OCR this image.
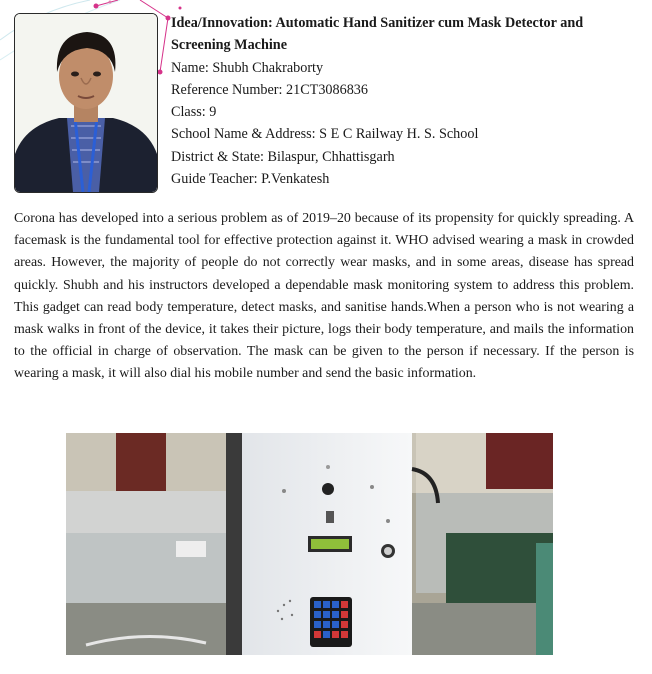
Idea/Innovation: Automatic Hand Sanitizer cum Mask Detector and Screening Machine
Name: Shubh Chakraborty
Reference Number: 21CT3086836
Class: 9
School Name & Address: S E C Railway H. S. School
District & State: Bilaspur, Chhattisgarh
Guide Teacher: P.Venkatesh
Corona has developed into a serious problem as of 2019–20 because of its propensity for quickly spreading. A facemask is the fundamental tool for effective protection against it. WHO advised wearing a mask in crowded areas. However, the majority of people do not correctly wear masks, and in some areas, disease has spread quickly. Shubh and his instructors developed a dependable mask monitoring system to address this problem. This gadget can read body temperature, detect masks, and sanitise hands.When a person who is not wearing a mask walks in front of the device, it takes their picture, logs their body temperature, and mails the information to the official in charge of observation. The mask can be given to the person if necessary. If the person is wearing a mask, it will also dial his mobile number and send the basic information.
